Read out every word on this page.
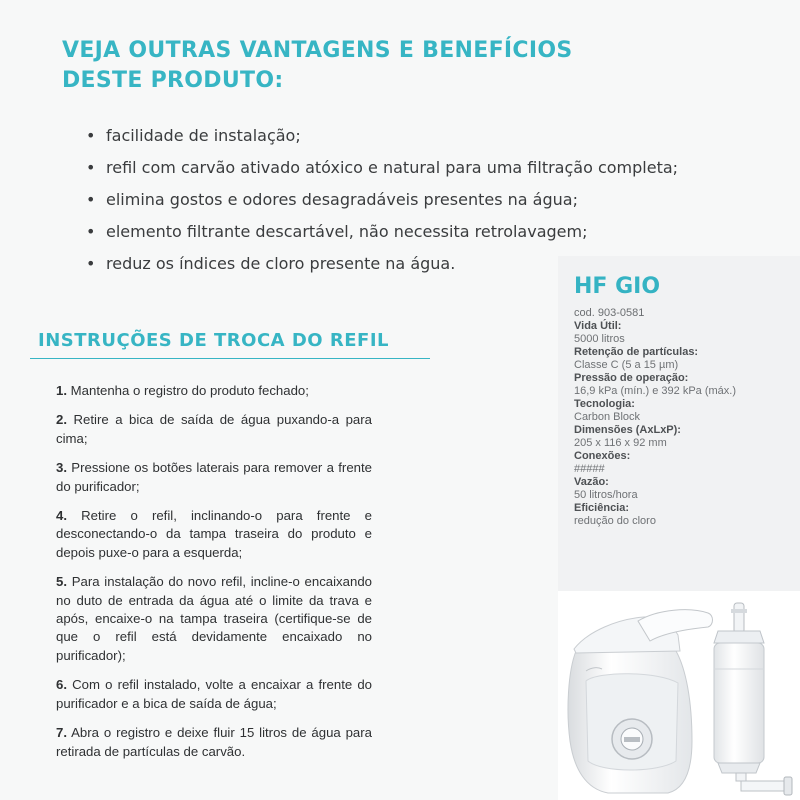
VEJA OUTRAS VANTAGENS E BENEFÍCIOS
DESTE PRODUTO:
• facilidade de instalação;
• refil com carvão ativado atóxico e natural para uma filtração completa;
• elimina gostos e odores desagradáveis presentes na água;
• elemento filtrante descartável, não necessita retrolavagem;
• reduz os índices de cloro presente na água.
INSTRUÇÕES DE TROCA DO REFIL
1. Mantenha o registro do produto fechado;
2. Retire a bica de saída de água puxando-a para cima;
3. Pressione os botões laterais para remover a frente do purificador;
4. Retire o refil, inclinando-o para frente e desconectando-o da tampa traseira do produto e depois puxe-o para a esquerda;
5. Para instalação do novo refil, incline-o encaixando no duto de entrada da água até o limite da trava e após, encaixe-o na tampa traseira (certifique-se de que o refil está devidamente encaixado no purificador);
6. Com o refil instalado, volte a encaixar a frente do purificador e a bica de saída de água;
7. Abra o registro e deixe fluir 15 litros de água para retirada de partículas de carvão.
HF GIO
cod. 903-0581
Vida Útil:
5000 litros
Retenção de partículas:
Classe C (5 a 15 µm)
Pressão de operação:
16,9 kPa (mín.) e 392 kPa (máx.)
Tecnologia:
Carbon Block
Dimensões (AxLxP):
205 x 116 x 92 mm
Conexões:
#####
Vazão:
50 litros/hora
Eficiência:
redução do cloro
